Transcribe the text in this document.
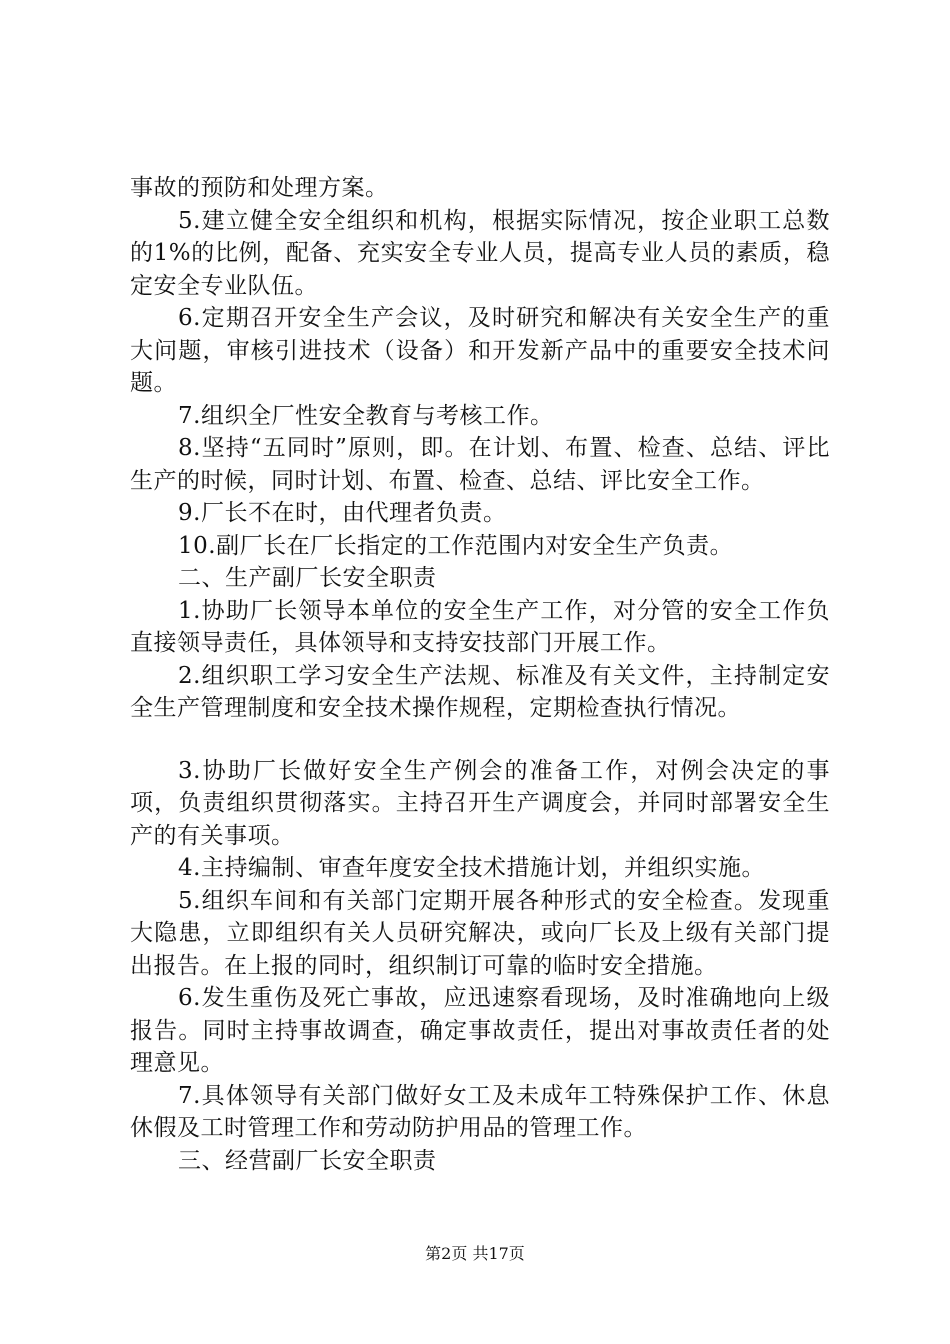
事故的预防和处理方案。

5.建立健全安全组织和机构，根据实际情况，按企业职工总数的1%的比例，配备、充实安全专业人员，提高专业人员的素质，稳定安全专业队伍。

6.定期召开安全生产会议，及时研究和解决有关安全生产的重大问题，审核引进技术（设备）和开发新产品中的重要安全技术问题。

7.组织全厂性安全教育与考核工作。

8.坚持“五同时”原则，即。在计划、布置、检查、总结、评比生产的时候，同时计划、布置、检查、总结、评比安全工作。

9.厂长不在时，由代理者负责。

10.副厂长在厂长指定的工作范围内对安全生产负责。

二、生产副厂长安全职责

1.协助厂长领导本单位的安全生产工作，对分管的安全工作负直接领导责任，具体领导和支持安技部门开展工作。

2.组织职工学习安全生产法规、标准及有关文件，主持制定安全生产管理制度和安全技术操作规程，定期检查执行情况。

3.协助厂长做好安全生产例会的准备工作，对例会决定的事项，负责组织贯彻落实。主持召开生产调度会，并同时部署安全生产的有关事项。

4.主持编制、审查年度安全技术措施计划，并组织实施。

5.组织车间和有关部门定期开展各种形式的安全检查。发现重大隐患，立即组织有关人员研究解决，或向厂长及上级有关部门提出报告。在上报的同时，组织制订可靠的临时安全措施。

6.发生重伤及死亡事故，应迅速察看现场，及时准确地向上级报告。同时主持事故调查，确定事故责任，提出对事故责任者的处理意见。

7.具体领导有关部门做好女工及未成年工特殊保护工作、休息休假及工时管理工作和劳动防护用品的管理工作。

三、经营副厂长安全职责

第2页 共17页
